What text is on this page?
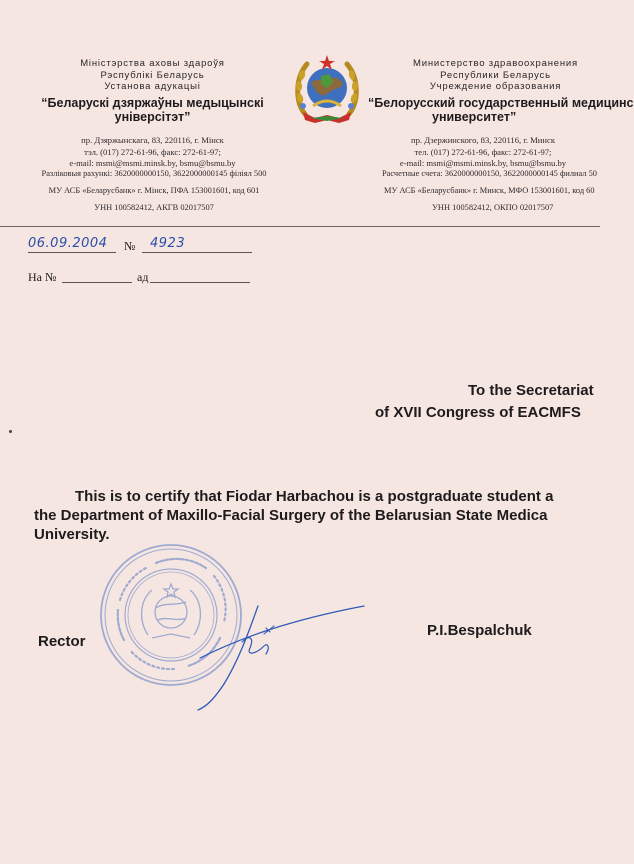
Міністэрства аховы здароўя
Рэспублікі Беларусь
Установа адукацыі
“Беларускі дзяржаўны медыцынскі
універсітэт”
пр. Дзяржынскага, 83, 220116, г. Мінск
тэл. (017) 272-61-96, факс: 272-61-97;
e-mail: msmi@msmi.minsk.by, bsmu@bsmu.by
Разліковыя рахункі: 3620000000150, 3622000000145 філіял 500
МУ АСБ «Беларусбанк» г. Мінск, ПФА 153001601, код 601
УНН 100582412, АКГВ 02017507
Министерство здравоохранения
Республики Беларусь
Учреждение образования
“Белорусский государственный медицинс
университет”
пр. Дзержинского, 83, 220116, г. Минск
тел. (017) 272-61-96, факс: 272-61-97;
e-mail: msmi@msmi.minsk.by, bsmu@bsmu.by
Расчетные счета: 3620000000150, 3622000000145 филиал 50
МУ АСБ «Беларусбанк» г. Минск, МФО 153001601, код 60
УНН 100582412, ОКПО 02017507
06.09.2004 № 4923
На №	ад
To the Secretariat
of XVII Congress of EACMFS
This is to certify that Fiodar Harbachou is a postgraduate student a
the Department of Maxillo-Facial Surgery of the Belarusian State Medica
University.
Rector
P.I.Bespalchuk
